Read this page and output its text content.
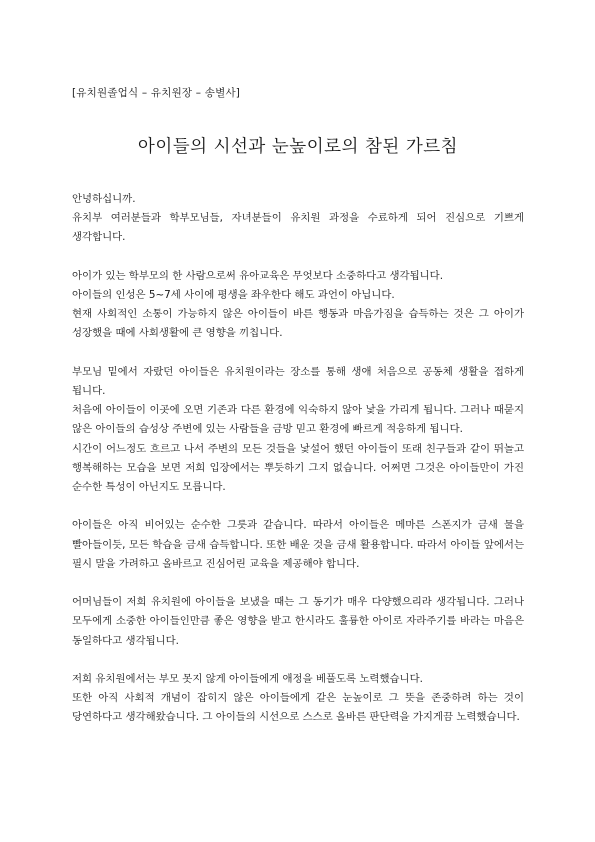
[유치원졸업식 – 유치원장 – 송별사]

아이들의 시선과 눈높이로의 참된 가르침

안녕하십니까.
유치부 여러분들과 학부모님들, 자녀분들이 유치원 과정을 수료하게 되어 진심으로 기쁘게 생각합니다.

아이가 있는 학부모의 한 사람으로써 유아교육은 무엇보다 소중하다고 생각됩니다.
아이들의 인성은 5~7세 사이에 평생을 좌우한다 해도 과언이 아닙니다.
현재 사회적인 소통이 가능하지 않은 아이들이 바른 행동과 마음가짐을 습득하는 것은 그 아이가 성장했을 때에 사회생활에 큰 영향을 끼칩니다.

부모님 밑에서 자랐던 아이들은 유치원이라는 장소를 통해 생애 처음으로 공동체 생활을 접하게 됩니다.
처음에 아이들이 이곳에 오면 기존과 다른 환경에 익숙하지 않아 낯을 가리게 됩니다. 그러나 때묻지 않은 아이들의 습성상 주변에 있는 사람들을 금방 믿고 환경에 빠르게 적응하게 됩니다.
시간이 어느정도 흐르고 나서 주변의 모든 것들을 낯설어 했던 아이들이 또래 친구들과 같이 뛰놀고 행복해하는 모습을 보면 저희 입장에서는 뿌듯하기 그지 없습니다. 어쩌면 그것은 아이들만이 가진 순수한 특성이 아닌지도 모릅니다.

아이들은 아직 비어있는 순수한 그릇과 같습니다. 따라서 아이들은 메마른 스폰지가 금새 물을 빨아들이듯, 모든 학습을 금새 습득합니다. 또한 배운 것을 금새 활용합니다. 따라서 아이들 앞에서는 필시 말을 가려하고 올바르고 진심어린 교육을 제공해야 합니다.

어머님들이 저희 유치원에 아이들을 보냈을 때는 그 동기가 매우 다양했으리라 생각됩니다. 그러나 모두에게 소중한 아이들인만큼 좋은 영향을 받고 한시라도 훌륭한 아이로 자라주기를 바라는 마음은 동일하다고 생각됩니다.

저희 유치원에서는 부모 못지 않게 아이들에게 애정을 베풀도록 노력했습니다.
또한 아직 사회적 개념이 잡히지 않은 아이들에게 같은 눈높이로 그 뜻을 존중하려 하는 것이 당연하다고 생각해왔습니다. 그 아이들의 시선으로 스스로 올바른 판단력을 가지게끔 노력했습니다.
